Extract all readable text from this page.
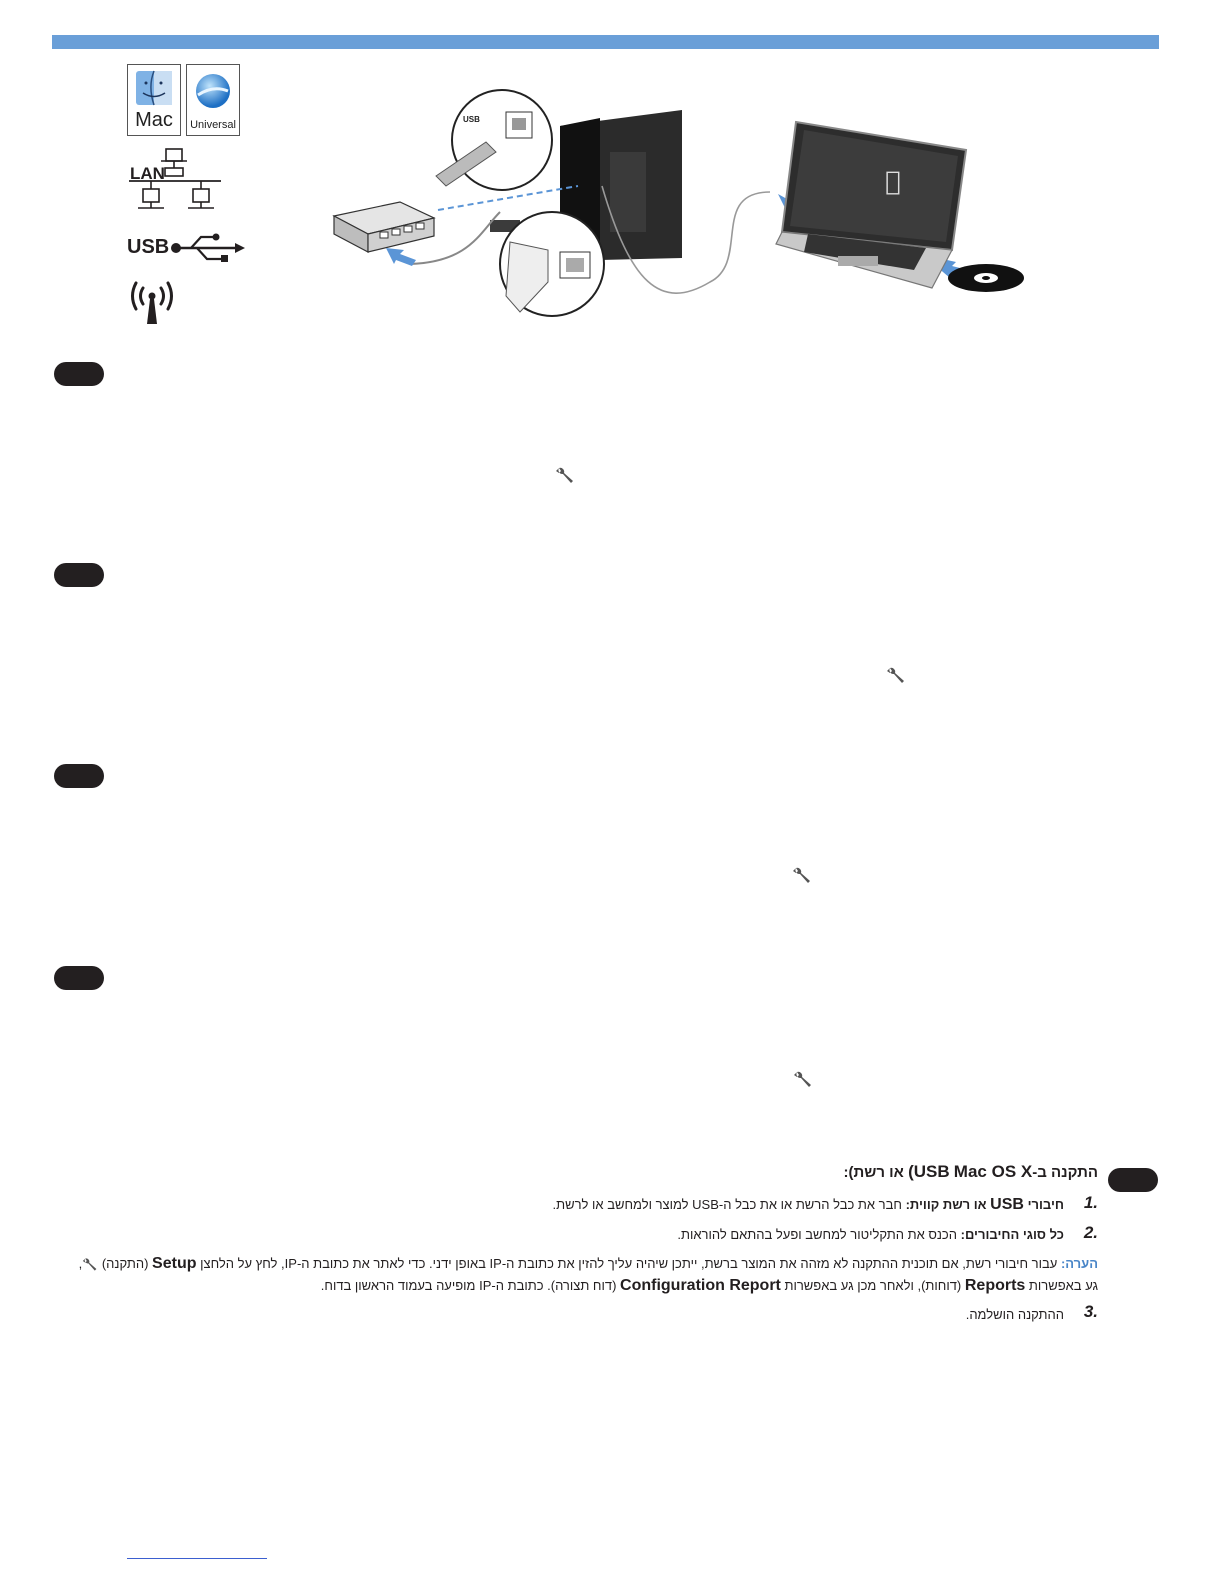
Mac	Universal
LAN
USB
USB
התקנה ב-Mac OS X (USB או רשת):
1.
חיבורי USB או רשת קווית: חבר את כבל הרשת או את כבל ה-USB למוצר ולמחשב או לרשת.
2.
כל סוגי החיבורים: הכנס את התקליטור למחשב ופעל בהתאם להוראות.
הערה: עבור חיבורי רשת, אם תוכנית ההתקנה לא מזהה את המוצר ברשת, ייתכן שיהיה עליך להזין את כתובת ה-IP באופן ידני. כדי לאתר את כתובת ה-IP, לחץ על הלחצן Setup (התקנה) ,
גע באפשרות Reports (דוחות), ולאחר מכן גע באפשרות Configuration Report (דוח תצורה). כתובת ה-IP מופיעה בעמוד הראשון בדוח.
3.
ההתקנה הושלמה.
